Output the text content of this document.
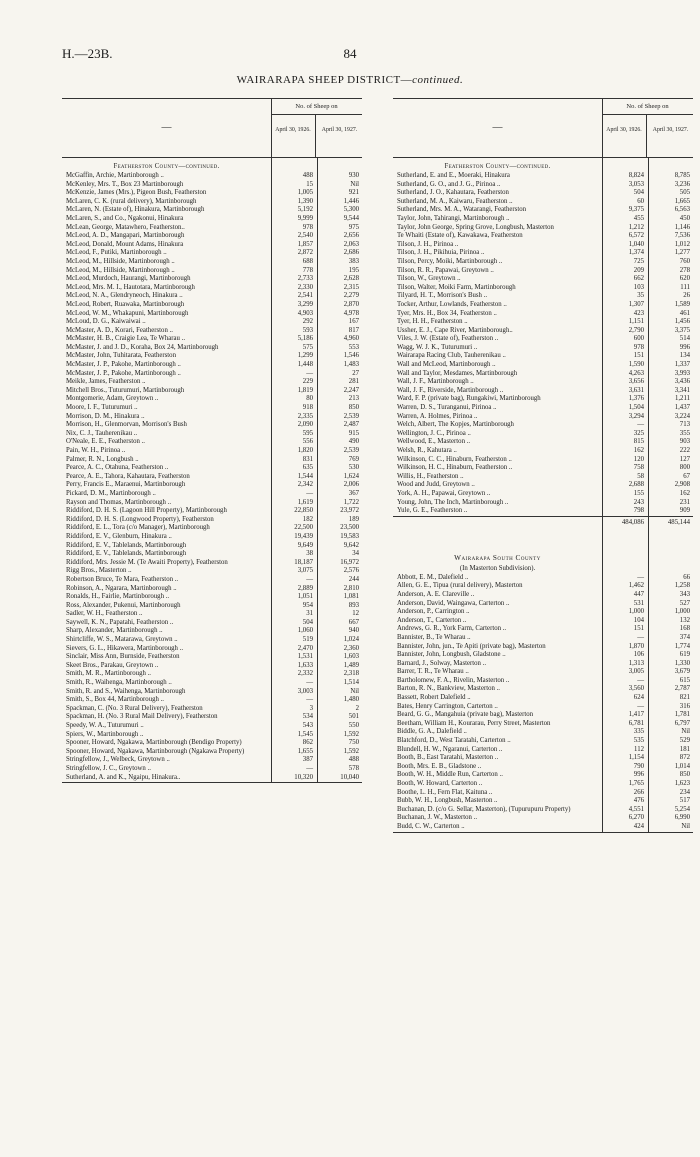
H.—23B.	84
WAIRARAPA SHEEP DISTRICT—continued.
—
No. of Sheep on
April 30, 1926.	April 30, 1927.
Featherston County—continued.
McGaffin, Archie, Martinborough ..	488	930
McKenley, Mrs. T., Box 23 Martinborough	15	Nil
McKenzie, James (Mrs.), Pigeon Bush, Featherston	1,005	921
McLaren, C. K. (rural delivery), Martinborough	1,390	1,446
McLaren, N. (Estate of), Hinakura, Martinborough	5,192	5,300
McLaren, S., and Co., Ngakonui, Hinakura	9,999	9,544
McLean, George, Matawhero, Featherston..	978	975
McLeod, A. D., Mangapari, Martinborough	2,540	2,656
McLeod, Donald, Mount Adams, Hinakura	1,857	2,063
McLeod, F., Putiki, Martinborough ..	2,872	2,686
McLeod, M., Hillside, Martinborough ..	688	383
McLeod, M., Hillside, Martinborough ..	778	195
McLeod, Murdoch, Haurangi, Martinborough	2,733	2,628
McLeod, Mrs. M. I., Hautotara, Martinborough	2,330	2,315
McLeod, N. A., Glendryneoch, Hinakura ..	2,541	2,279
McLeod, Robert, Ruawaka, Martinborough	3,299	2,870
McLeod, W. M., Whakapuni, Martinborough	4,903	4,978
McLoud, D. G., Kaiwaiwai ..	292	167
McMaster, A. D., Korari, Featherston ..	593	817
McMaster, H. B., Craigie Lea, Te Wharau ..	5,186	4,960
McMaster, J. and J. D., Koraha, Box 24, Martinborough	575	553
McMaster, John, Tuhitarata, Featherston	1,299	1,546
McMaster, J. P., Pakohe, Martinborough ..	1,448	1,483
McMaster, J. P., Pakohe, Martinborough ..	—	27
Meikle, James, Featherston ..	229	281
Mitchell Bros., Tuturumuri, Martinborough	1,819	2,247
Montgomerie, Adam, Greytown ..	80	213
Moore, I. F., Tuturumuri ..	918	850
Morrison, D. M., Hinakura ..	2,335	2,539
Morrison, H., Glenmorvan, Morrison's Bush	2,090	2,487
Nix, C. J., Tauherenikau ..	595	915
O'Neale, E. E., Featherston ..	556	490
Pain, W. H., Pirinoa ..	1,820	2,539
Palmer, R. N., Longbush ..	831	769
Pearce, A. C., Otahuna, Featherston ..	635	530
Pearce, A. E., Tahora, Kahautara, Featherston	1,544	1,624
Perry, Francis E., Maraenui, Martinborough	2,342	2,006
Pickard, D. M., Martinborough ..	—	367
Rayson and Thomas, Martinborough ..	1,619	1,722
Riddiford, D. H. S. (Lagoon Hill Property), Martinborough	22,850	23,972
Riddiford, D. H. S. (Longwood Property), Featherston	182	189
Riddiford, E. L., Tora (c/o Manager), Martinborough	22,500	23,500
Riddiford, E. V., Glenburn, Hinakura ..	19,439	19,583
Riddiford, E. V., Tablelands, Martinborough	9,649	9,642
Riddiford, E. V., Tablelands, Martinborough	38	34
Riddiford, Mrs. Jessie M. (Te Awaiti Property), Featherston	18,187	16,972
Rigg Bros., Masterton ..	3,075	2,576
Robertson Bruce, Te Mara, Featherston ..	—	244
Robinson, A., Ngarara, Martinborough ..	2,889	2,810
Ronalds, H., Fairlie, Martinborough ..	1,051	1,081
Ross, Alexander, Pukenui, Martinborough	954	893
Sadler, W. H., Featherston ..	31	12
Saywell, K. N., Papatahi, Featherston ..	504	667
Sharp, Alexander, Martinborough ..	1,060	940
Shirtcliffe, W. S., Matarawa, Greytown ..	519	1,024
Sievers, G. L., Hikawera, Martinborough ..	2,470	2,360
Sinclair, Miss Ann, Burnside, Featherston	1,531	1,603
Skeet Bros., Parakau, Greytown ..	1,633	1,489
Smith, M. R., Martinborough ..	2,332	2,318
Smith, R., Waihenga, Martinborough ..	—	1,514
Smith, R. and S., Waihenga, Martinborough	3,003	Nil
Smith, S., Box 44, Martinborough ..	—	1,480
Spackman, C. (No. 3 Rural Delivery), Featherston	3	2
Spackman, H. (No. 3 Rural Mail Delivery), Featherston	534	501
Speedy, W. A., Tuturumuri ..	543	550
Spiers, W., Martinborough ..	1,545	1,592
Spooner, Howard, Ngakawa, Martinborough (Bendigo Property)	862	750
Spooner, Howard, Ngakawa, Martinborough (Ngakawa Property)	1,655	1,592
Stringfellow, J., Welbeck, Greytown ..	387	488
Stringfellow, J. C., Greytown ..	—	578
Sutherland, A. and K., Ngaipu, Hinakura..	10,320	10,040
—
No. of Sheep on
April 30, 1926.	April 30, 1927.
Featherston County—continued.
Sutherland, E. and E., Moeraki, Hinakura	8,824	8,785
Sutherland, G. O., and J. G., Pirinoa ..	3,053	3,236
Sutherland, J. O., Kahautara, Featherston	504	505
Sutherland, M. A., Kaiwaru, Featherston ..	60	1,665
Sutherland, Mrs. M. A., Watarangi, Featherston	9,375	6,563
Taylor, John, Tahirangi, Martinborough ..	455	450
Taylor, John George, Spring Grove, Longbush, Masterton	1,212	1,146
Te Whaiti (Estate of), Kawakawa, Featherston	6,572	7,536
Tilson, J. H., Pirinoa ..	1,040	1,012
Tilson, J. H., Pikihuia, Pirinoa ..	1,374	1,277
Tilson, Percy, Moiki, Martinborough ..	725	760
Tilson, R. R., Papawai, Greytown ..	209	278
Tilson, W., Greytown ..	662	620
Tilson, Walter, Moiki Farm, Martinborough	103	111
Tilyard, H. T., Morrison's Bush ..	35	26
Tocker, Arthur, Lowlands, Featherston ..	1,307	1,589
Tyer, Mrs. H., Box 34, Featherston ..	423	461
Tyer, H. H., Featherston ..	1,151	1,456
Ussher, E. J., Cape River, Martinborough..	2,790	3,375
Viles, J. W. (Estate of), Featherston ..	600	514
Wagg, W. J. K., Tuturumuri ..	978	996
Wairarapa Racing Club, Tauherenikau ..	151	134
Wall and McLeod, Martinborough ..	1,590	1,337
Wall and Taylor, Mesdames, Martinborough	4,263	3,993
Wall, J. F., Martinborough ..	3,656	3,436
Wall, J. F., Riverside, Martinborough ..	3,631	3,341
Ward, F. P. (private bag), Rungakiwi, Martinborough	1,376	1,211
Warren, D. S., Turanganui, Pirinoa ..	1,504	1,437
Warren, A. Holmes, Pirinoa ..	3,294	3,224
Welch, Albert, The Kopjes, Martinborough	—	713
Wellington, J. C., Pirinoa ..	325	355
Wellwood, E., Masterton ..	815	903
Welsh, R., Kahutara ..	162	222
Wilkinson, C. C., Hinaburn, Featherston ..	120	127
Wilkinson, H. C., Hinaburn, Featherston ..	758	800
Willis, H., Featherston ..	58	67
Wood and Judd, Greytown ..	2,688	2,908
York, A. H., Papawai, Greytown ..	155	162
Young, John, The Inch, Martinborough ..	243	231
Yule, G. E., Featherston ..	798	909
484,086	485,144
Wairarapa South County
(In Masterton Subdivision).
Abbott, E. M., Dalefield ..	—	66
Allen, G. E., Tipua (rural delivery), Masterton	1,462	1,258
Anderson, A. E. Clareville ..	447	343
Anderson, David, Waingawa, Carterton ..	531	527
Anderson, P., Carrington ..	1,000	1,000
Anderson, T., Carterton ..	104	132
Andrews, G. R., York Farm, Carterton ..	151	168
Bannister, B., Te Wharau ..	—	374
Bannister, John, jun., Te Apiti (private bag), Masterton	1,870	1,774
Bannister, John, Longbush, Gladstone ..	106	619
Barnard, J., Solway, Masterton ..	1,313	1,330
Barrer, T. R., Te Wharau ..	3,005	3,679
Bartholomew, F. A., Rivelin, Masterton ..	—	615
Barton, R. N., Bankview, Masterton ..	3,560	2,787
Bassett, Robert Dalefield ..	624	821
Bates, Henry Carrington, Carterton ..	—	316
Beard, G. G., Mangahuia (private bag), Masterton	1,417	1,781
Beetham, William H., Kourarau, Perry Street, Masterton	6,781	6,797
Biddle, G. A., Dalefield ..	335	Nil
Blatchford, D., West Taratahi, Carterton ..	535	529
Blundell, H. W., Ngaranui, Carterton ..	112	181
Booth, B., East Taratahi, Masterton ..	1,154	872
Booth, Mrs. E. B., Gladstone ..	790	1,014
Booth, W. H., Middle Run, Carterton ..	996	850
Booth, W. Howard, Carterton ..	1,765	1,623
Boothe, L. H., Fern Flat, Kaituna ..	266	234
Bubb, W. H., Longbush, Masterton ..	476	517
Buchanan, D. (c/o G. Sellar, Masterton), (Tupurupuru Property)	4,551	5,254
Buchanan, J. W., Masterton ..	6,270	6,990
Budd, C. W., Carterton ..	424	Nil
